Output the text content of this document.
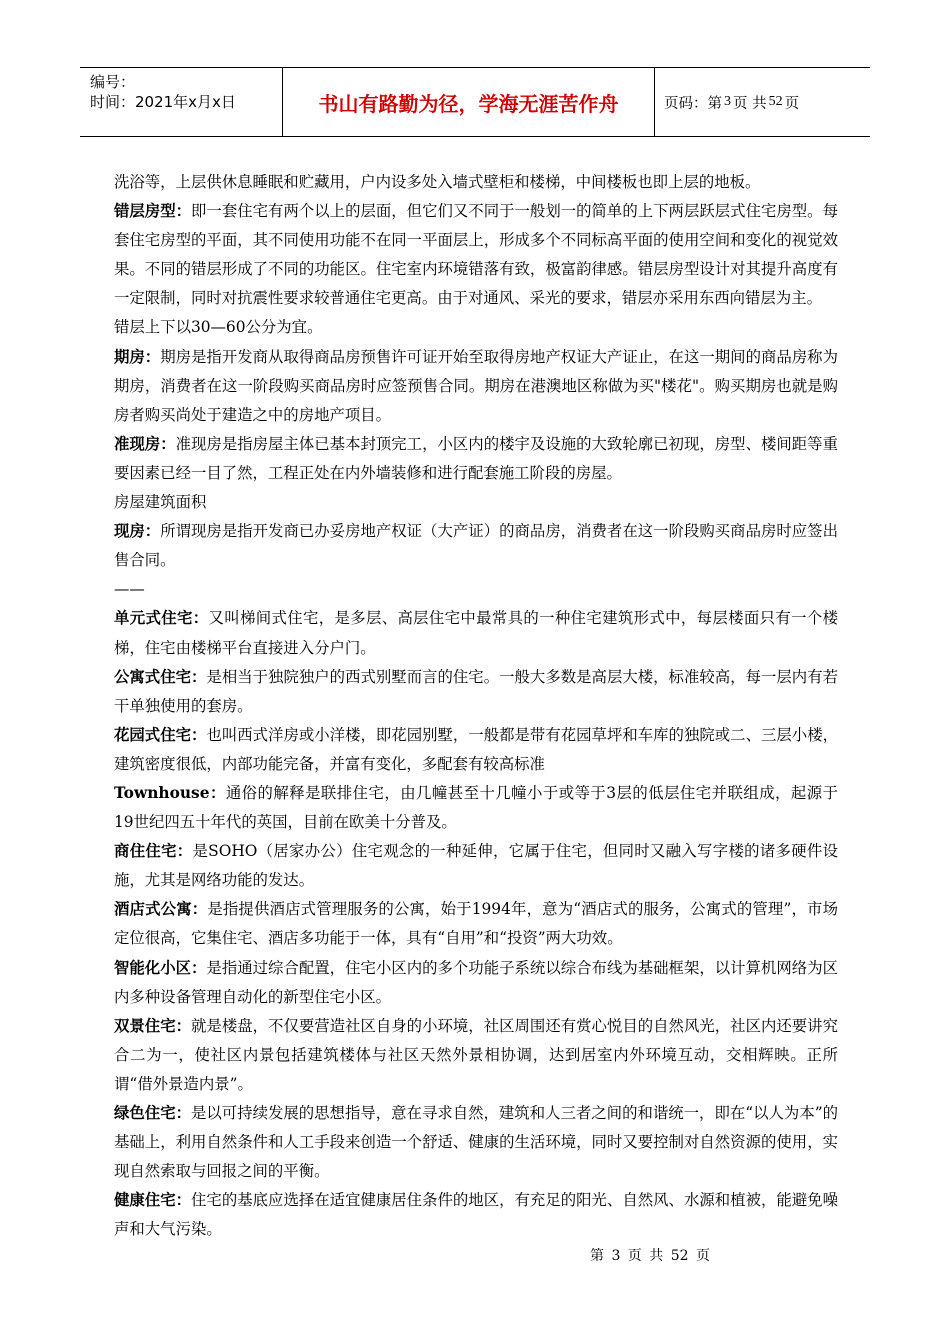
编号：
时间：2021年x月x日	书山有路勤为径，学海无涯苦作舟	页码：第 3 页 共 52 页

洗浴等，上层供休息睡眠和贮藏用，户内设多处入墙式壁柜和楼梯，中间楼板也即上层的地板。

错层房型：即一套住宅有两个以上的层面，但它们又不同于一般划一的简单的上下两层跃层式住宅房型。每套住宅房型的平面，其不同使用功能不在同一平面层上，形成多个不同标高平面的使用空间和变化的视觉效果。不同的错层形成了不同的功能区。住宅室内环境错落有致，极富韵律感。错层房型设计对其提升高度有一定限制，同时对抗震性要求较普通住宅更高。由于对通风、采光的要求，错层亦采用东西向错层为主。

错层上下以30—60公分为宜。

期房：期房是指开发商从取得商品房预售许可证开始至取得房地产权证大产证止，在这一期间的商品房称为期房，消费者在这一阶段购买商品房时应签预售合同。期房在港澳地区称做为买"楼花"。购买期房也就是购房者购买尚处于建造之中的房地产项目。

准现房：准现房是指房屋主体已基本封顶完工，小区内的楼宇及设施的大致轮廓已初现，房型、楼间距等重要因素已经一目了然，工程正处在内外墙装修和进行配套施工阶段的房屋。

房屋建筑面积

现房：所谓现房是指开发商已办妥房地产权证（大产证）的商品房，消费者在这一阶段购买商品房时应签出售合同。

——

单元式住宅：又叫梯间式住宅，是多层、高层住宅中最常具的一种住宅建筑形式中，每层楼面只有一个楼梯，住宅由楼梯平台直接进入分户门。

公寓式住宅：是相当于独院独户的西式别墅而言的住宅。一般大多数是高层大楼，标准较高，每一层内有若干单独使用的套房。

花园式住宅：也叫西式洋房或小洋楼，即花园别墅，一般都是带有花园草坪和车库的独院或二、三层小楼，建筑密度很低，内部功能完备，并富有变化，多配套有较高标准

Townhouse：通俗的解释是联排住宅，由几幢甚至十几幢小于或等于3层的低层住宅并联组成，起源于19世纪四五十年代的英国，目前在欧美十分普及。

商住住宅：是SOHO（居家办公）住宅观念的一种延伸，它属于住宅，但同时又融入写字楼的诸多硬件设施，尤其是网络功能的发达。

酒店式公寓：是指提供酒店式管理服务的公寓，始于1994年，意为“酒店式的服务，公寓式的管理”，市场定位很高，它集住宅、酒店多功能于一体，具有“自用”和“投资”两大功效。

智能化小区：是指通过综合配置，住宅小区内的多个功能子系统以综合布线为基础框架，以计算机网络为区内多种设备管理自动化的新型住宅小区。

双景住宅：就是楼盘，不仅要营造社区自身的小环境，社区周围还有赏心悦目的自然风光，社区内还要讲究合二为一，使社区内景包括建筑楼体与社区天然外景相协调，达到居室内外环境互动，交相辉映。正所谓“借外景造内景”。

绿色住宅：是以可持续发展的思想指导，意在寻求自然，建筑和人三者之间的和谐统一，即在“以人为本”的基础上，利用自然条件和人工手段来创造一个舒适、健康的生活环境，同时又要控制对自然资源的使用，实现自然索取与回报之间的平衡。

健康住宅：住宅的基底应选择在适宜健康居住条件的地区，有充足的阳光、自然风、水源和植被，能避免噪声和大气污染。

第 3 页 共 52 页
